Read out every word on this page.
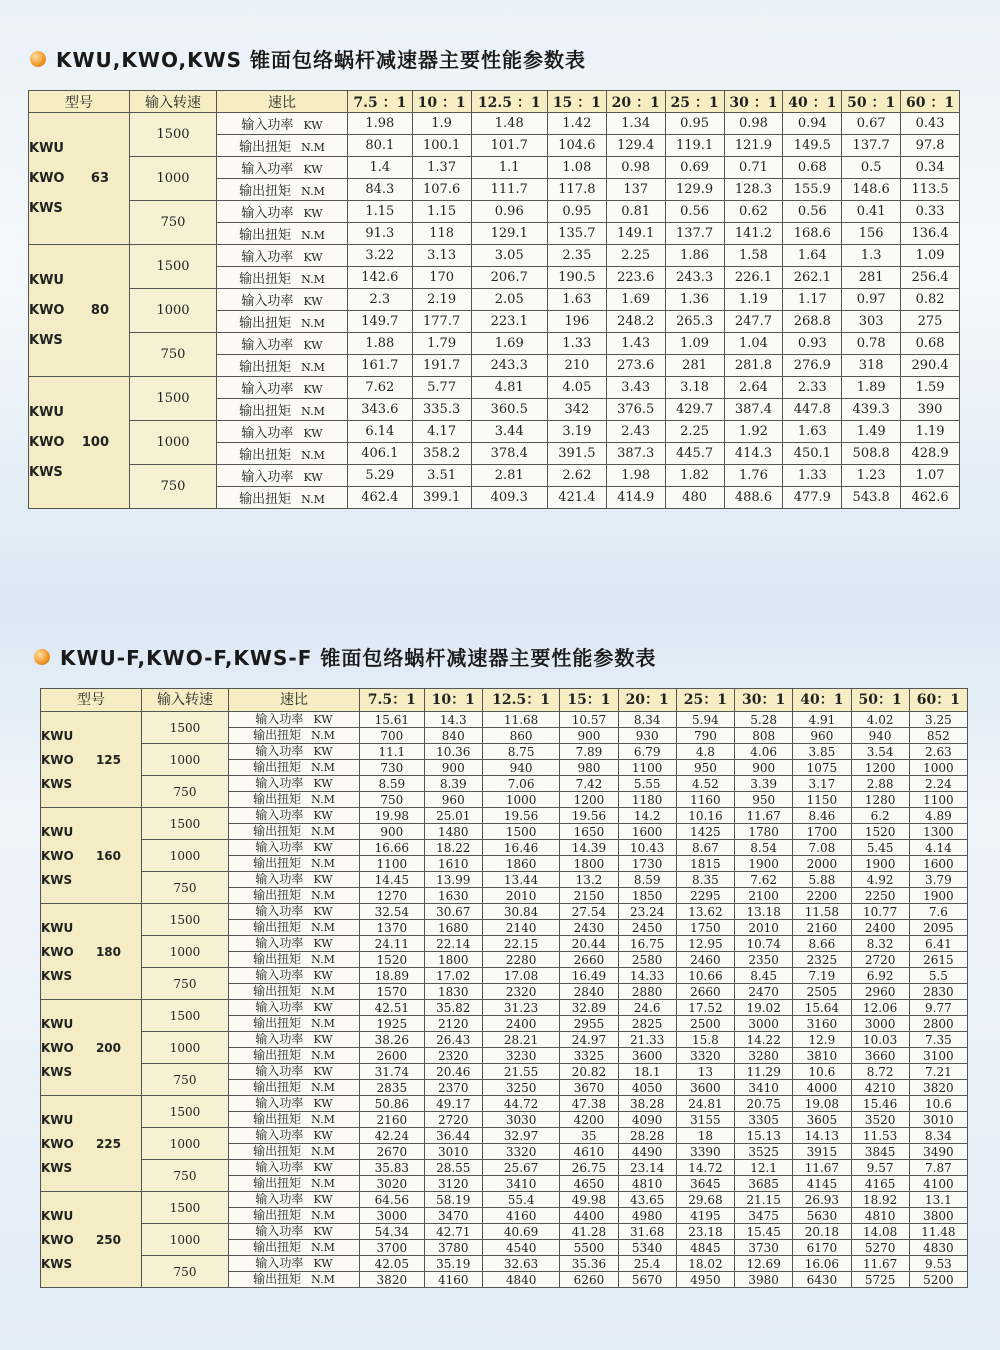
KWU,KWO,KWS 锥面包络蜗杆减速器主要性能参数表
型号	输入转速	速比	7.5 ：1	10 ：1	12.5 ：1	15 ：1	20 ：1	25 ：1	30 ：1	40 ：1	50 ：1	60 ：1

KWU
KWO 63
KWS	1500	输入功率 KW	1.98	1.9	1.48	1.42	1.34	0.95	0.98	0.94	0.67	0.43
		输出扭矩 N.M	80.1	100.1	101.7	104.6	129.4	119.1	121.9	149.5	137.7	97.8
	1000	输入功率 KW	1.4	1.37	1.1	1.08	0.98	0.69	0.71	0.68	0.5	0.34
		输出扭矩 N.M	84.3	107.6	111.7	117.8	137	129.9	128.3	155.9	148.6	113.5
	750	输入功率 KW	1.15	1.15	0.96	0.95	0.81	0.56	0.62	0.56	0.41	0.33
		输出扭矩 N.M	91.3	118	129.1	135.7	149.1	137.7	141.2	168.6	156	136.4

KWU
KWO 80
KWS	1500	输入功率 KW	3.22	3.13	3.05	2.35	2.25	1.86	1.58	1.64	1.3	1.09
		输出扭矩 N.M	142.6	170	206.7	190.5	223.6	243.3	226.1	262.1	281	256.4
	1000	输入功率 KW	2.3	2.19	2.05	1.63	1.69	1.36	1.19	1.17	0.97	0.82
		输出扭矩 N.M	149.7	177.7	223.1	196	248.2	265.3	247.7	268.8	303	275
	750	输入功率 KW	1.88	1.79	1.69	1.33	1.43	1.09	1.04	0.93	0.78	0.68
		输出扭矩 N.M	161.7	191.7	243.3	210	273.6	281	281.8	276.9	318	290.4

KWU
KWO 100
KWS	1500	输入功率 KW	7.62	5.77	4.81	4.05	3.43	3.18	2.64	2.33	1.89	1.59
		输出扭矩 N.M	343.6	335.3	360.5	342	376.5	429.7	387.4	447.8	439.3	390
	1000	输入功率 KW	6.14	4.17	3.44	3.19	2.43	2.25	1.92	1.63	1.49	1.19
		输出扭矩 N.M	406.1	358.2	378.4	391.5	387.3	445.7	414.3	450.1	508.8	428.9
	750	输入功率 KW	5.29	3.51	2.81	2.62	1.98	1.82	1.76	1.33	1.23	1.07
		输出扭矩 N.M	462.4	399.1	409.3	421.4	414.9	480	488.6	477.9	543.8	462.6
KWU-F,KWO-F,KWS-F 锥面包络蜗杆减速器主要性能参数表
型号	输入转速	速比	7.5：1	10：1	12.5：1	15：1	20：1	25：1	30：1	40：1	50：1	60：1

KWU
KWO 125
KWS	1500	输入功率 KW	15.61	14.3	11.68	10.57	8.34	5.94	5.28	4.91	4.02	3.25
		输出扭矩 N.M	700	840	860	900	930	790	808	960	940	852
	1000	输入功率 KW	11.1	10.36	8.75	7.89	6.79	4.8	4.06	3.85	3.54	2.63
		输出扭矩 N.M	730	900	940	980	1100	950	900	1075	1200	1000
	750	输入功率 KW	8.59	8.39	7.06	7.42	5.55	4.52	3.39	3.17	2.88	2.24
		输出扭矩 N.M	750	960	1000	1200	1180	1160	950	1150	1280	1100

KWU
KWO 160
KWS	1500	输入功率 KW	19.98	25.01	19.56	19.56	14.2	10.16	11.67	8.46	6.2	4.89
		输出扭矩 N.M	900	1480	1500	1650	1600	1425	1780	1700	1520	1300
	1000	输入功率 KW	16.66	18.22	16.46	14.39	10.43	8.67	8.54	7.08	5.45	4.14
		输出扭矩 N.M	1100	1610	1860	1800	1730	1815	1900	2000	1900	1600
	750	输入功率 KW	14.45	13.99	13.44	13.2	8.59	8.35	7.62	5.88	4.92	3.79
		输出扭矩 N.M	1270	1630	2010	2150	1850	2295	2100	2200	2250	1900

KWU
KWO 180
KWS	1500	输入功率 KW	32.54	30.67	30.84	27.54	23.24	13.62	13.18	11.58	10.77	7.6
		输出扭矩 N.M	1370	1680	2140	2430	2450	1750	2010	2160	2400	2095
	1000	输入功率 KW	24.11	22.14	22.15	20.44	16.75	12.95	10.74	8.66	8.32	6.41
		输出扭矩 N.M	1520	1800	2280	2660	2580	2460	2350	2325	2720	2615
	750	输入功率 KW	18.89	17.02	17.08	16.49	14.33	10.66	8.45	7.19	6.92	5.5
		输出扭矩 N.M	1570	1830	2320	2840	2880	2660	2470	2505	2960	2830

KWU
KWO 200
KWS	1500	输入功率 KW	42.51	35.82	31.23	32.89	24.6	17.52	19.02	15.64	12.06	9.77
		输出扭矩 N.M	1925	2120	2400	2955	2825	2500	3000	3160	3000	2800
	1000	输入功率 KW	38.26	26.43	28.21	24.97	21.33	15.8	14.22	12.9	10.03	7.35
		输出扭矩 N.M	2600	2320	3230	3325	3600	3320	3280	3810	3660	3100
	750	输入功率 KW	31.74	20.46	21.55	20.82	18.1	13	11.29	10.6	8.72	7.21
		输出扭矩 N.M	2835	2370	3250	3670	4050	3600	3410	4000	4210	3820

KWU
KWO 225
KWS	1500	输入功率 KW	50.86	49.17	44.72	47.38	38.28	24.81	20.75	19.08	15.46	10.6
		输出扭矩 N.M	2160	2720	3030	4200	4090	3155	3305	3605	3520	3010
	1000	输入功率 KW	42.24	36.44	32.97	35	28.28	18	15.13	14.13	11.53	8.34
		输出扭矩 N.M	2670	3010	3320	4610	4490	3390	3525	3915	3845	3490
	750	输入功率 KW	35.83	28.55	25.67	26.75	23.14	14.72	12.1	11.67	9.57	7.87
		输出扭矩 N.M	3020	3120	3410	4650	4810	3645	3685	4145	4165	4100

KWU
KWO 250
KWS	1500	输入功率 KW	64.56	58.19	55.4	49.98	43.65	29.68	21.15	26.93	18.92	13.1
		输出扭矩 N.M	3000	3470	4160	4400	4980	4195	3475	5630	4810	3800
	1000	输入功率 KW	54.34	42.71	40.69	41.28	31.68	23.18	15.45	20.18	14.08	11.48
		输出扭矩 N.M	3700	3780	4540	5500	5340	4845	3730	6170	5270	4830
	750	输入功率 KW	42.05	35.19	32.63	35.36	25.4	18.02	12.69	16.06	11.67	9.53
		输出扭矩 N.M	3820	4160	4840	6260	5670	4950	3980	6430	5725	5200
